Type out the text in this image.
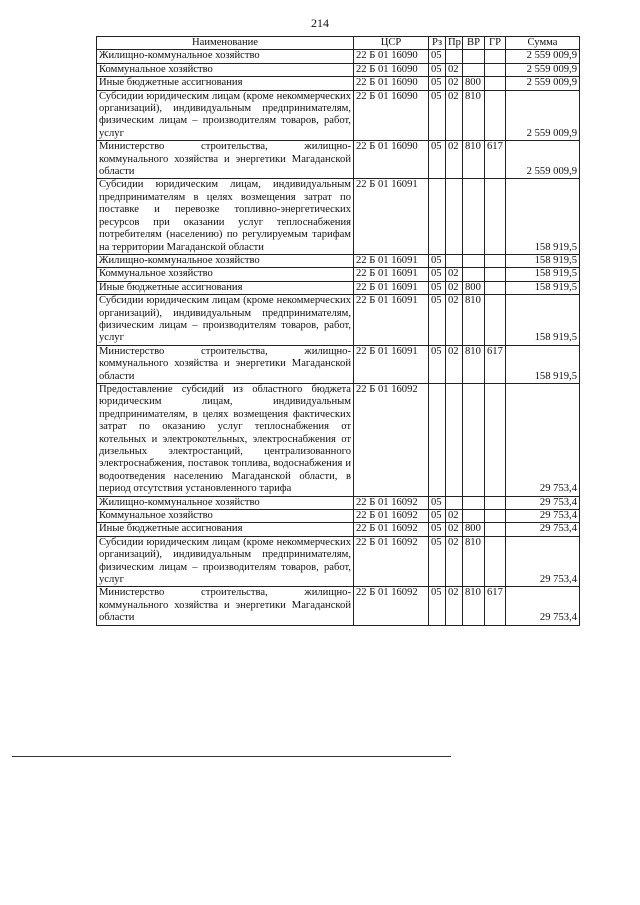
214
Наименование	ЦСР	Рз	Пр	ВР	ГР	Сумма
Жилищно-коммунальное хозяйство	22 Б 01 16090	05				2 559 009,9
Коммунальное хозяйство	22 Б 01 16090	05	02			2 559 009,9
Иные бюджетные ассигнования	22 Б 01 16090	05	02	800		2 559 009,9
Субсидии юридическим лицам (кроме некоммерческих организаций), индивидуальным предпринимателям, физическим лицам – производителям товаров, работ, услуг	22 Б 01 16090	05	02	810		2 559 009,9
Министерство строительства, жилищно-коммунального хозяйства и энергетики Магаданской области	22 Б 01 16090	05	02	810	617	2 559 009,9
Субсидии юридическим лицам, индивидуальным предпринимателям в целях возмещения затрат по поставке и перевозке топливно-энергетических ресурсов при оказании услуг теплоснабжения потребителям (населению) по регулируемым тарифам на территории Магаданской области	22 Б 01 16091					158 919,5
Жилищно-коммунальное хозяйство	22 Б 01 16091	05				158 919,5
Коммунальное хозяйство	22 Б 01 16091	05	02			158 919,5
Иные бюджетные ассигнования	22 Б 01 16091	05	02	800		158 919,5
Субсидии юридическим лицам (кроме некоммерческих организаций), индивидуальным предпринимателям, физическим лицам – производителям товаров, работ, услуг	22 Б 01 16091	05	02	810		158 919,5
Министерство строительства, жилищно-коммунального хозяйства и энергетики Магаданской области	22 Б 01 16091	05	02	810	617	158 919,5
Предоставление субсидий из областного бюджета юридическим лицам, индивидуальным предпринимателям, в целях возмещения фактических затрат по оказанию услуг теплоснабжения от котельных и электрокотельных, электроснабжения от дизельных электростанций, централизованного электроснабжения, поставок топлива, водоснабжения и водоотведения населению Магаданской области, в период отсутствия установленного тарифа	22 Б 01 16092					29 753,4
Жилищно-коммунальное хозяйство	22 Б 01 16092	05				29 753,4
Коммунальное хозяйство	22 Б 01 16092	05	02			29 753,4
Иные бюджетные ассигнования	22 Б 01 16092	05	02	800		29 753,4
Субсидии юридическим лицам (кроме некоммерческих организаций), индивидуальным предпринимателям, физическим лицам – производителям товаров, работ, услуг	22 Б 01 16092	05	02	810		29 753,4
Министерство строительства, жилищно-коммунального хозяйства и энергетики Магаданской области	22 Б 01 16092	05	02	810	617	29 753,4
